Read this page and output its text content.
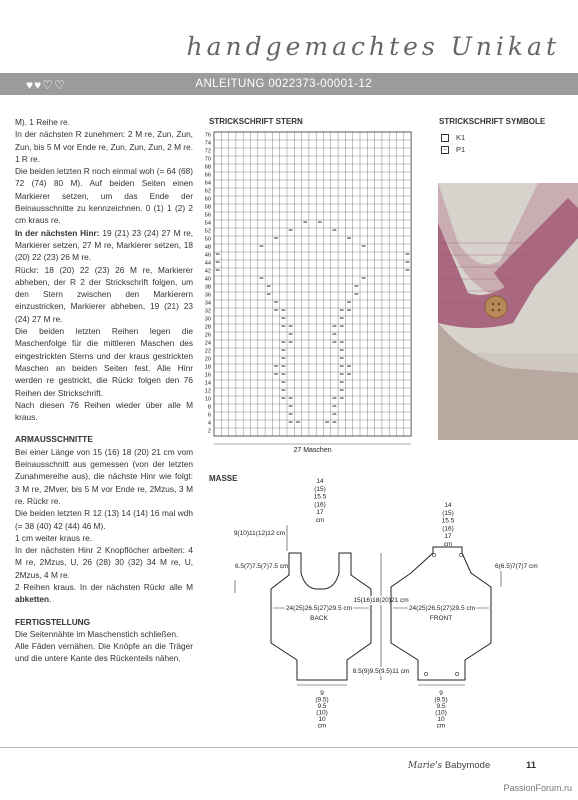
handgemachtes Unikat
♥♥♡♡	ANLEITUNG 0022373-00001-12

M). 1 Reihe re.

In der nächsten R zunehmen: 2 M re, Zun, Zun, Zun, bis 5 M vor Ende re, Zun, Zun, Zun, 2 M re. 1 R re.

Die beiden letzten R noch einmal woh (= 64 (68) 72 (74) 80 M). Auf beiden Seiten einen Markierer setzen, um das Ende der Beinausschnitte zu kennzeichnen. 0 (1) 1 (2) 2 cm kraus re.

In der nächsten Hinr: 19 (21) 23 (24) 27 M re, Markierer setzen, 27 M re, Markierer setzen, 18 (20) 22 (23) 26 M re.

Rückr: 18 (20) 22 (23) 26 M re, Markierer abheben, der R 2 der Strickschrift folgen, um den Stern zwischen den Markierern einzustricken, Markierer abheben, 19 (21) 23 (24) 27 M re.

Die beiden letzten Reihen legen die Maschenfolge für die mittleren Maschen des eingestrickten Sterns und der kraus gestrickten Maschen an beiden Seiten fest. Alle Hinr werden re gestrickt, die Rückr folgen den 76 Reihen der Strickschrift.

Nach diesen 76 Reihen wieder über alle M kraus.

ARMAUSSCHNITTE

Bei einer Länge von 15 (16) 18 (20) 21 cm vom Beinausschnitt aus gemessen (von der letzten Zunahmereihe aus), die nächste Hinr wie folgt: 3 M re, 2Mver, bis 5 M vor Ende re, 2Mzus, 3 M re. Rückr re.

Die beiden letzten R 12 (13) 14 (14) 16 mal wdh (= 38 (40) 42 (44) 46 M).

1 cm weiter kraus re.

In der nächsten Hinr 2 Knopflöcher arbeiten: 4 M re, 2Mzus, U, 26 (28) 30 (32) 34 M re, U, 2Mzus, 4 M re.

2 Reihen kraus. In der nächsten Rückr alle M abketten.

FERTIGSTELLUNG

Die Seitennähte im Maschenstich schließen.

Alle Fäden vernähen. Die Knöpfe an die Träger und die untere Kante des Rückenteils nähen.

STRICKSCHRIFT STERN
76
74
72
70
68
66
64
62
60
58
56
54
52
50
48
46
44
42
40
38
36
34
32
30
28
26
24
22
20
18
16
14
12
10
8
6
4
2
27 Maschen
STRICKSCHRIFT SYMBOLE
K1
–	P1
MASSE	14
(15)
15.5
(16)
17
cm
9(10)11(12)12 cm
6.5(7)7.5(7)7.5 cm
BACK
24(25)26.5(27)29.5 cm
9
(9.5)
9.5
(10)
10
cm
15(16)18(20)21 cm
8.5(9)9.5(9.5)11 cm
14
(15)
15.5
(16)
17
cm
FRONT
24(25)26.5(27)29.5 cm
6(6.5)7(7)7 cm
9
(9.5)
9.5
(10)
10
cm
Marie's Babymode	11
PassionForum.ru
